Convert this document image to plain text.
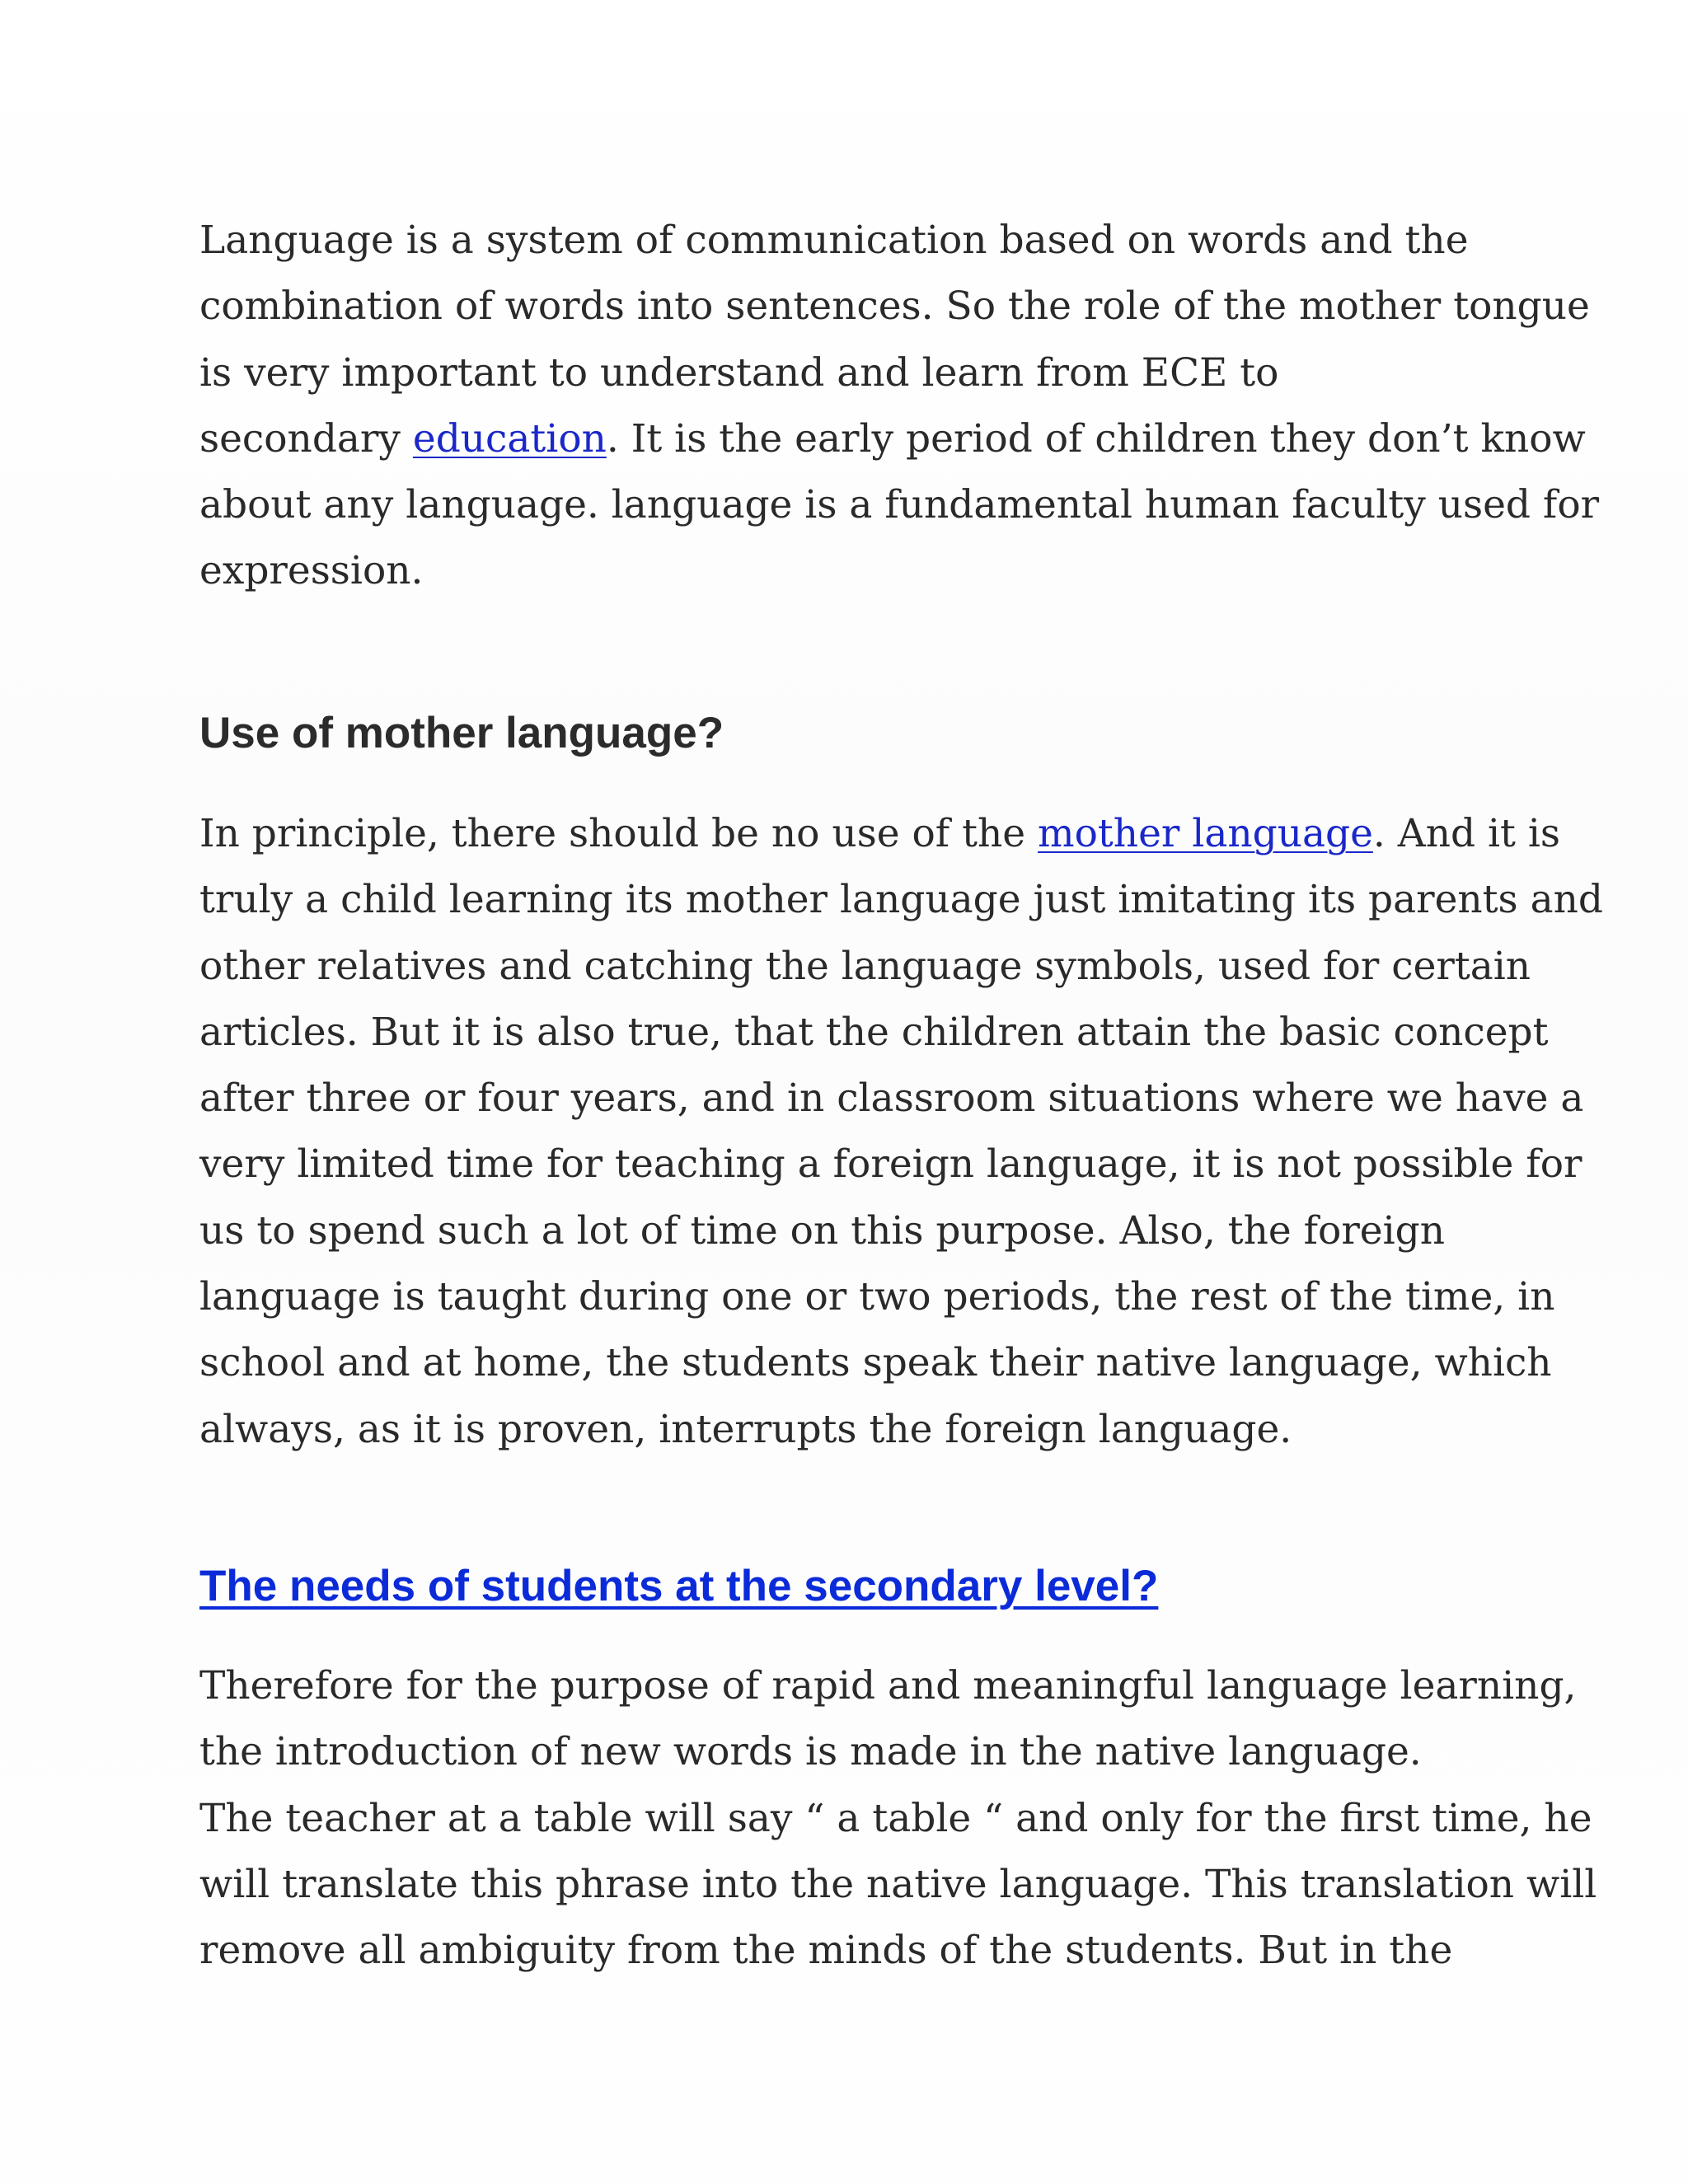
Language is a system of communication based on words and the
combination of words into sentences. So the role of the mother tongue
is very important to understand and learn from ECE to
secondary education. It is the early period of children they don’t know
about any language. language is a fundamental human faculty used for
expression.

Use of mother language?

In principle, there should be no use of the mother language. And it is
truly a child learning its mother language just imitating its parents and
other relatives and catching the language symbols, used for certain
articles. But it is also true, that the children attain the basic concept
after three or four years, and in classroom situations where we have a
very limited time for teaching a foreign language, it is not possible for
us to spend such a lot of time on this purpose. Also, the foreign
language is taught during one or two periods, the rest of the time, in
school and at home, the students speak their native language, which
always, as it is proven, interrupts the foreign language.

The needs of students at the secondary level?

Therefore for the purpose of rapid and meaningful language learning,
the introduction of new words is made in the native language.
The teacher at a table will say “ a table “ and only for the first time, he
will translate this phrase into the native language. This translation will
remove all ambiguity from the minds of the students. But in the
